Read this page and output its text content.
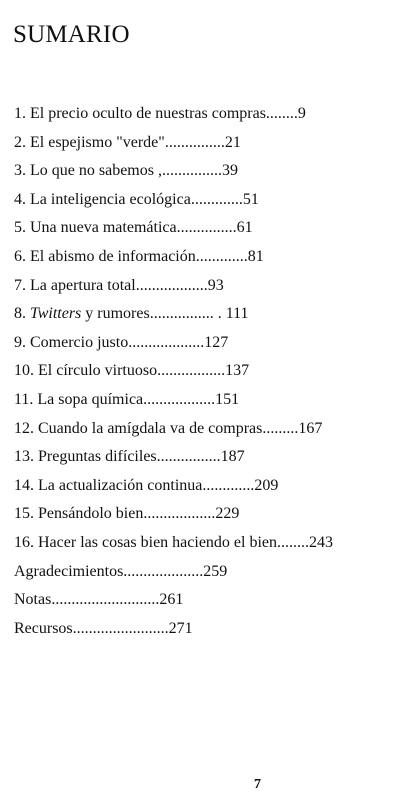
SUMARIO
1. El precio oculto de nuestras compras........9
2. El espejismo "verde"...............21
3. Lo que no sabemos ,...............39
4. La inteligencia ecológica.............51
5. Una nueva matemática...............61
6. El abismo de información.............81
7. La apertura total..................93
8. Twitters y rumores................ . 111
9. Comercio justo...................127
10. El círculo virtuoso.................137
11. La sopa química..................151
12. Cuando la amígdala va de compras.........167
13. Preguntas difíciles................187
14. La actualización continua.............209
15. Pensándolo bien..................229
16. Hacer las cosas bien haciendo el bien........243
Agradecimientos....................259
Notas...........................261
Recursos........................271
7
